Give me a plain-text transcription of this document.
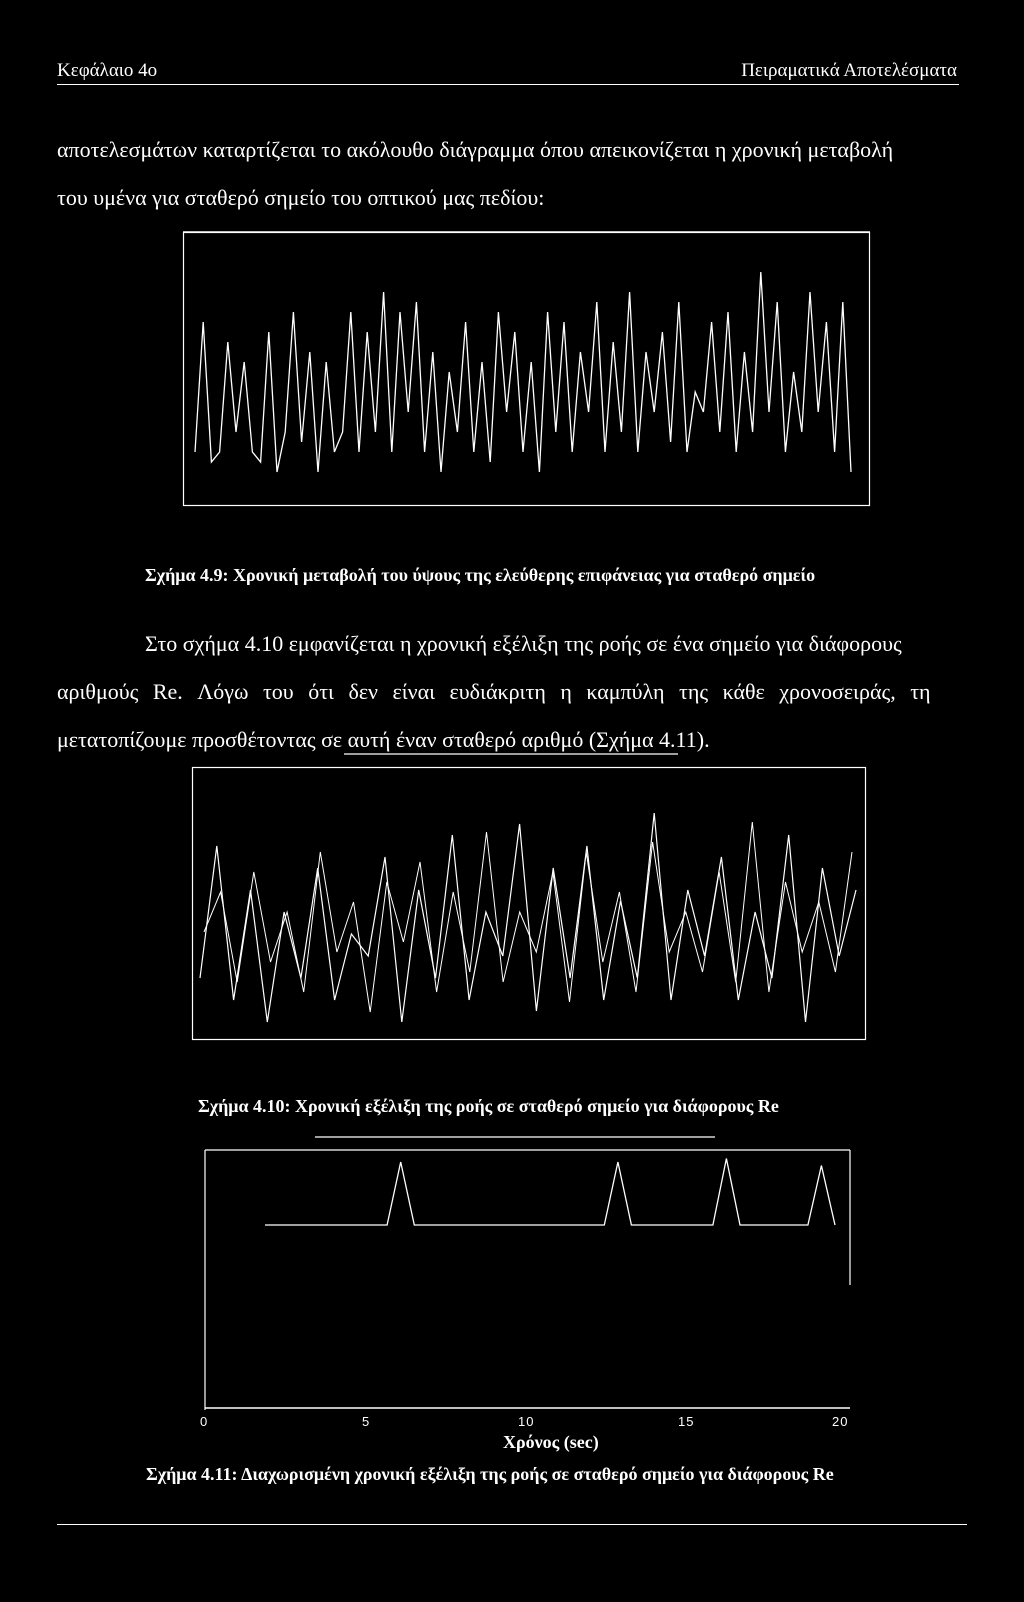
Κεφάλαιο 4ο	Πειραματικά Αποτελέσματα
αποτελεσμάτων καταρτίζεται το ακόλουθο διάγραμμα όπου απεικονίζεται η χρονική μεταβολή
του υμένα για σταθερό σημείο του οπτικού μας πεδίου:
Σχήμα 4.9: Χρονική μεταβολή του ύψους της ελεύθερης επιφάνειας για σταθερό σημείο
Στο σχήμα 4.10 εμφανίζεται η χρονική εξέλιξη της ροής σε ένα σημείο για διάφορους
αριθμούς Re. Λόγω του ότι δεν είναι ευδιάκριτη η καμπύλη της κάθε χρονοσειράς, τη
μετατοπίζουμε προσθέτοντας σε αυτή έναν σταθερό αριθμό (Σχήμα 4.11).
Σχήμα 4.10: Χρονική εξέλιξη της ροής σε σταθερό σημείο για διάφορους Re
0	5	10	15	20
Χρόνος (sec)
Σχήμα 4.11: Διαχωρισμένη χρονική εξέλιξη της ροής σε σταθερό σημείο για διάφορους Re
